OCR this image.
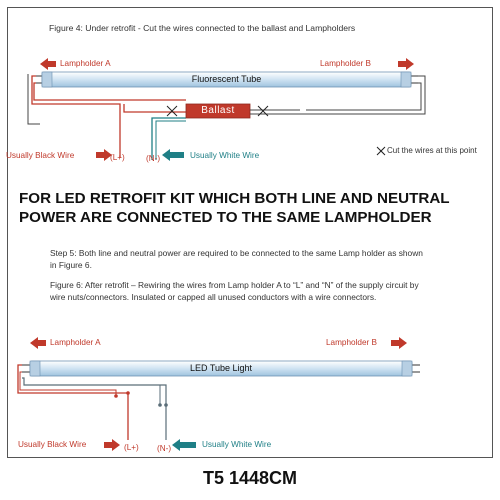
Figure 4: Under retrofit - Cut the wires connected to the ballast and Lampholders
Lampholder A	Lampholder B
Fluorescent Tube
Ballast
Usually Black Wire	(L+)	(N-)	Usually White Wire
Cut the wires at this point
FOR LED RETROFIT KIT WHICH BOTH LINE AND NEUTRAL
POWER ARE CONNECTED TO THE SAME LAMPHOLDER
Step 5: Both line and neutral power are required to be connected to the same Lamp holder as shown in Figure 6.
Figure 6: After retrofit – Rewiring the wires from Lamp holder A to “L” and “N” of the supply circuit by wire nuts/connectors. Insulated or capped all unused conductors with a wire connectors.
Lampholder A	Lampholder B
LED Tube Light
Usually Black Wire	(L+) (N-)	Usually White Wire
T5 1448CM
